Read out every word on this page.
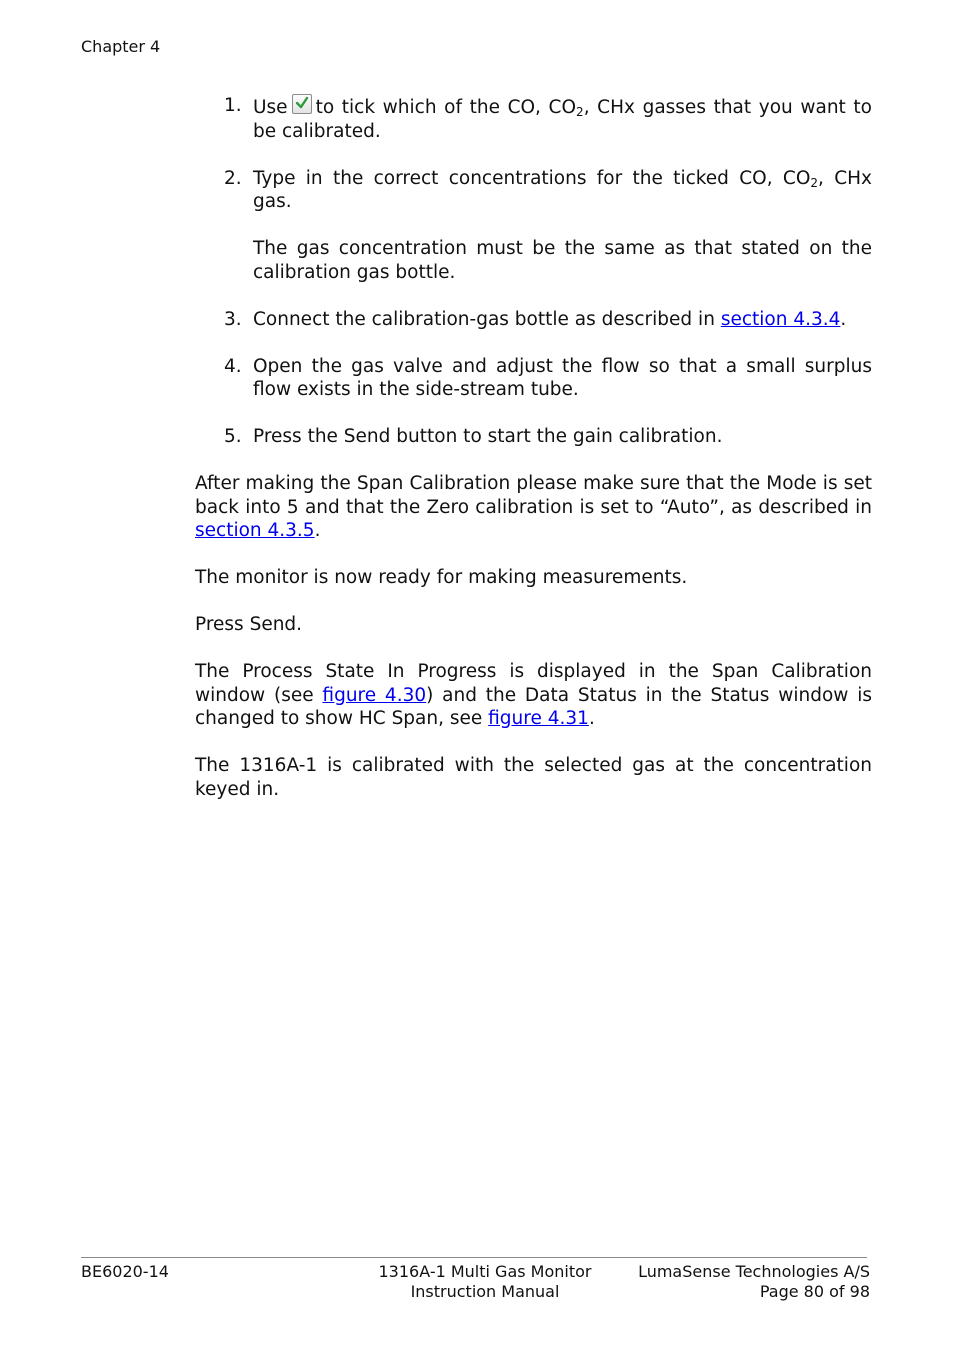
Chapter 4
1 . Use to tick which of the CO, $CO_2$, CHx gasses that you want to be calibrated.
2 . Type in the correct concentrations for the ticked CO, $CO_2$, CHx gas.
The gas concentration must be the same as that stated on the calibration gas bottle.
3 . Connect the calibration-gas bottle as described in section 4.3.4.
4 . Open the gas valve and adjust the flow so that a small surplus flow exists in the side-stream tube.
5 . Press the Send button to start the gain calibration.

After making the Span Calibration please make sure that the Mode is set back into 5 and that the Zero calibration is set to “Auto”, as described in section 4.3.5.

The monitor is now ready for making measurements.

Press Send.

The Process State In Progress is displayed in the Span Calibration window (see figure 4.30) and the Data Status in the Status window is changed to show HC Span, see figure 4.31.

The 1316A-1 is calibrated with the selected gas at the concentration keyed in.

BE6020-14	1316A-1 Multi Gas Monitor
Instruction Manual
LumaSense Technologies A/S
Page 80 of 98
